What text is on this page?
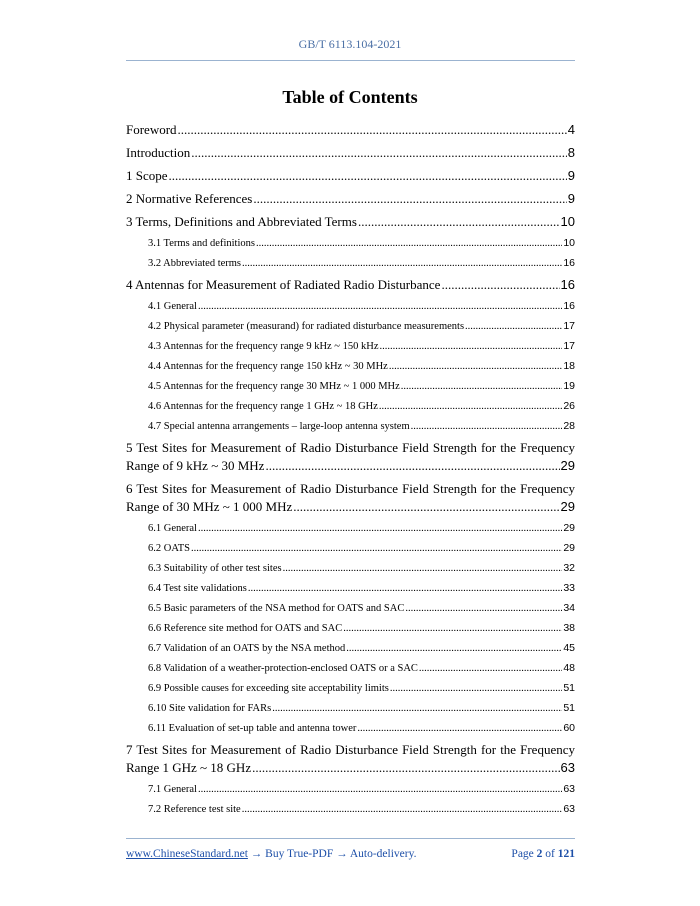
GB/T 6113.104-2021
Table of Contents
Foreword .....	4
Introduction .....	8
1 Scope .....	9
2 Normative References .....	9
3 Terms, Definitions and Abbreviated Terms .....	10
3.1 Terms and definitions .....	10
3.2 Abbreviated terms .....	16
4 Antennas for Measurement of Radiated Radio Disturbance .....	16
4.1 General .....	16
4.2 Physical parameter (measurand) for radiated disturbance measurements .....	17
4.3 Antennas for the frequency range 9 kHz ~ 150 kHz .....	17
4.4 Antennas for the frequency range 150 kHz ~ 30 MHz .....	18
4.5 Antennas for the frequency range 30 MHz ~ 1 000 MHz .....	19
4.6 Antennas for the frequency range 1 GHz ~ 18 GHz .....	26
4.7 Special antenna arrangements – large-loop antenna system .....	28
5 Test Sites for Measurement of Radio Disturbance Field Strength for the Frequency
Range of 9 kHz ~ 30 MHz .....	29
6 Test Sites for Measurement of Radio Disturbance Field Strength for the Frequency
Range of 30 MHz ~ 1 000 MHz .....	29
6.1 General .....	29
6.2 OATS .....	29
6.3 Suitability of other test sites .....	32
6.4 Test site validations .....	33
6.5 Basic parameters of the NSA method for OATS and SAC .....	34
6.6 Reference site method for OATS and SAC .....	38
6.7 Validation of an OATS by the NSA method .....	45
6.8 Validation of a weather-protection-enclosed OATS or a SAC .....	48
6.9 Possible causes for exceeding site acceptability limits .....	51
6.10 Site validation for FARs .....	51
6.11 Evaluation of set-up table and antenna tower .....	60
7 Test Sites for Measurement of Radio Disturbance Field Strength for the Frequency
Range 1 GHz ~ 18 GHz .....	63
7.1 General .....	63
7.2 Reference test site .....	63
www.ChineseStandard.net → Buy True-PDF → Auto-delivery.	Page 2 of 121
